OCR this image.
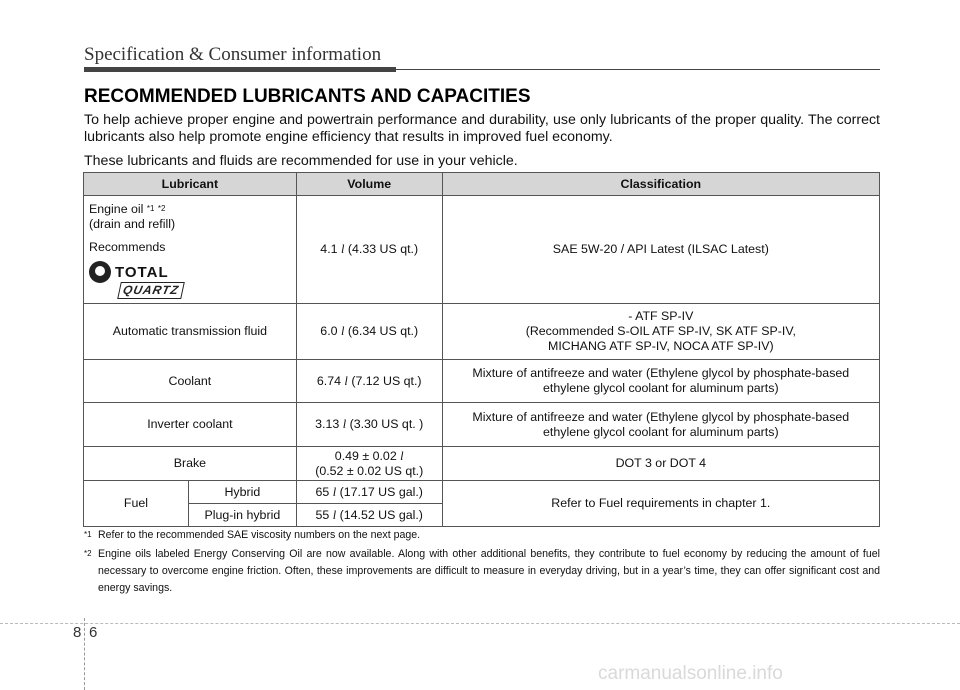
Specification & Consumer information
RECOMMENDED LUBRICANTS AND CAPACITIES

To help achieve proper engine and powertrain performance and durability, use only lubricants of the proper quality. The correct lubricants also help promote engine efficiency that results in improved fuel economy.

These lubricants and fluids are recommended for use in your vehicle.

Lubricant		Volume	Classification

Engine oil $^{*1}$ $^{*2}$
(drain and refill)
Recommends
TOTAL
QUARTZ		4.1 l (4.33 US qt.)	SAE 5W-20 / API Latest (ILSAC Latest)
Automatic transmission fluid		6.0 l (6.34 US qt.)	- ATF SP-IV
(Recommended S-OIL ATF SP-IV, SK ATF SP-IV,
MICHANG ATF SP-IV, NOCA ATF SP-IV)

Coolant		6.74 l (7.12 US qt.)	Mixture of antifreeze and water (Ethylene glycol by phosphate-based
ethylene glycol coolant for aluminum parts)

Inverter coolant		3.13 l (3.30 US qt. )	Mixture of antifreeze and water (Ethylene glycol by phosphate-based
ethylene glycol coolant for aluminum parts)

Brake		0.49 ± 0.02 l
(0.52 ± 0.02 US qt.)	DOT 3 or DOT 4
Fuel	Hybrid	65 l (17.17 US gal.)	Refer to Fuel requirements in chapter 1.
	Plug-in hybrid	55 l (14.52 US gal.)	
$^{*1}$ Refer to the recommended SAE viscosity numbers on the next page.
$^{*2}$ Engine oils labeled Energy Conserving Oil are now available. Along with other additional benefits, they contribute to fuel economy by reducing the amount of fuel necessary to overcome engine friction. Often, these improvements are difficult to measure in everyday driving, but in a year’s time, they can offer significant cost and energy savings.
8 6
carmanualsonline.info
